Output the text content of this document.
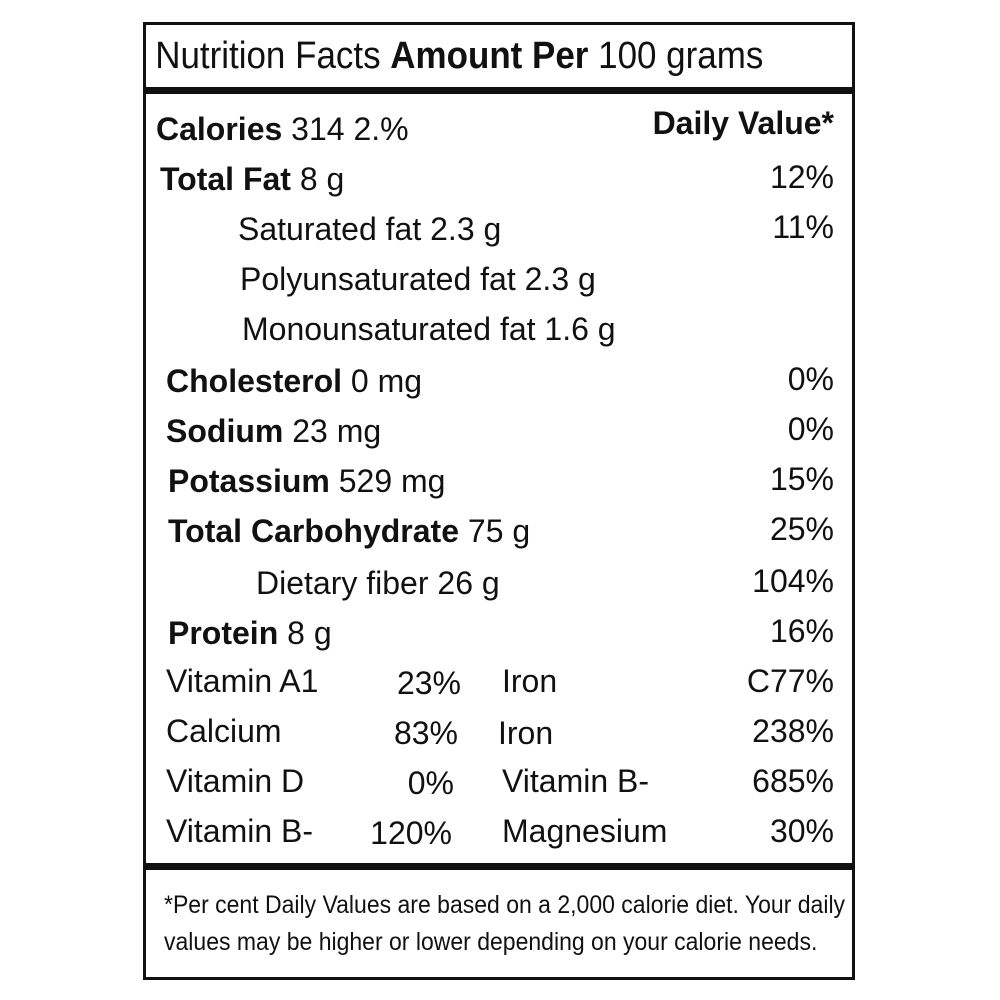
Nutrition Facts Amount Per 100 grams
Calories 314 2.%	Daily Value*
Total Fat 8 g	12%
Saturated fat 2.3 g	11%
Polyunsaturated fat 2.3 g
Monounsaturated fat 1.6 g
Cholesterol 0 mg	0%
Sodium 23 mg	0%
Potassium 529 mg	15%
Total Carbohydrate 75 g	25%
Dietary fiber 26 g	104%
Protein 8 g	16%
Vitamin A1	23% Iron	C77%
Calcium	83% Iron	238%
Vitamin D	0% Vitamin B-	685%
Vitamin B-	120% Magnesium	30%
*Per cent Daily Values are based on a 2,000 calorie diet. Your daily
values may be higher or lower depending on your calorie needs.
